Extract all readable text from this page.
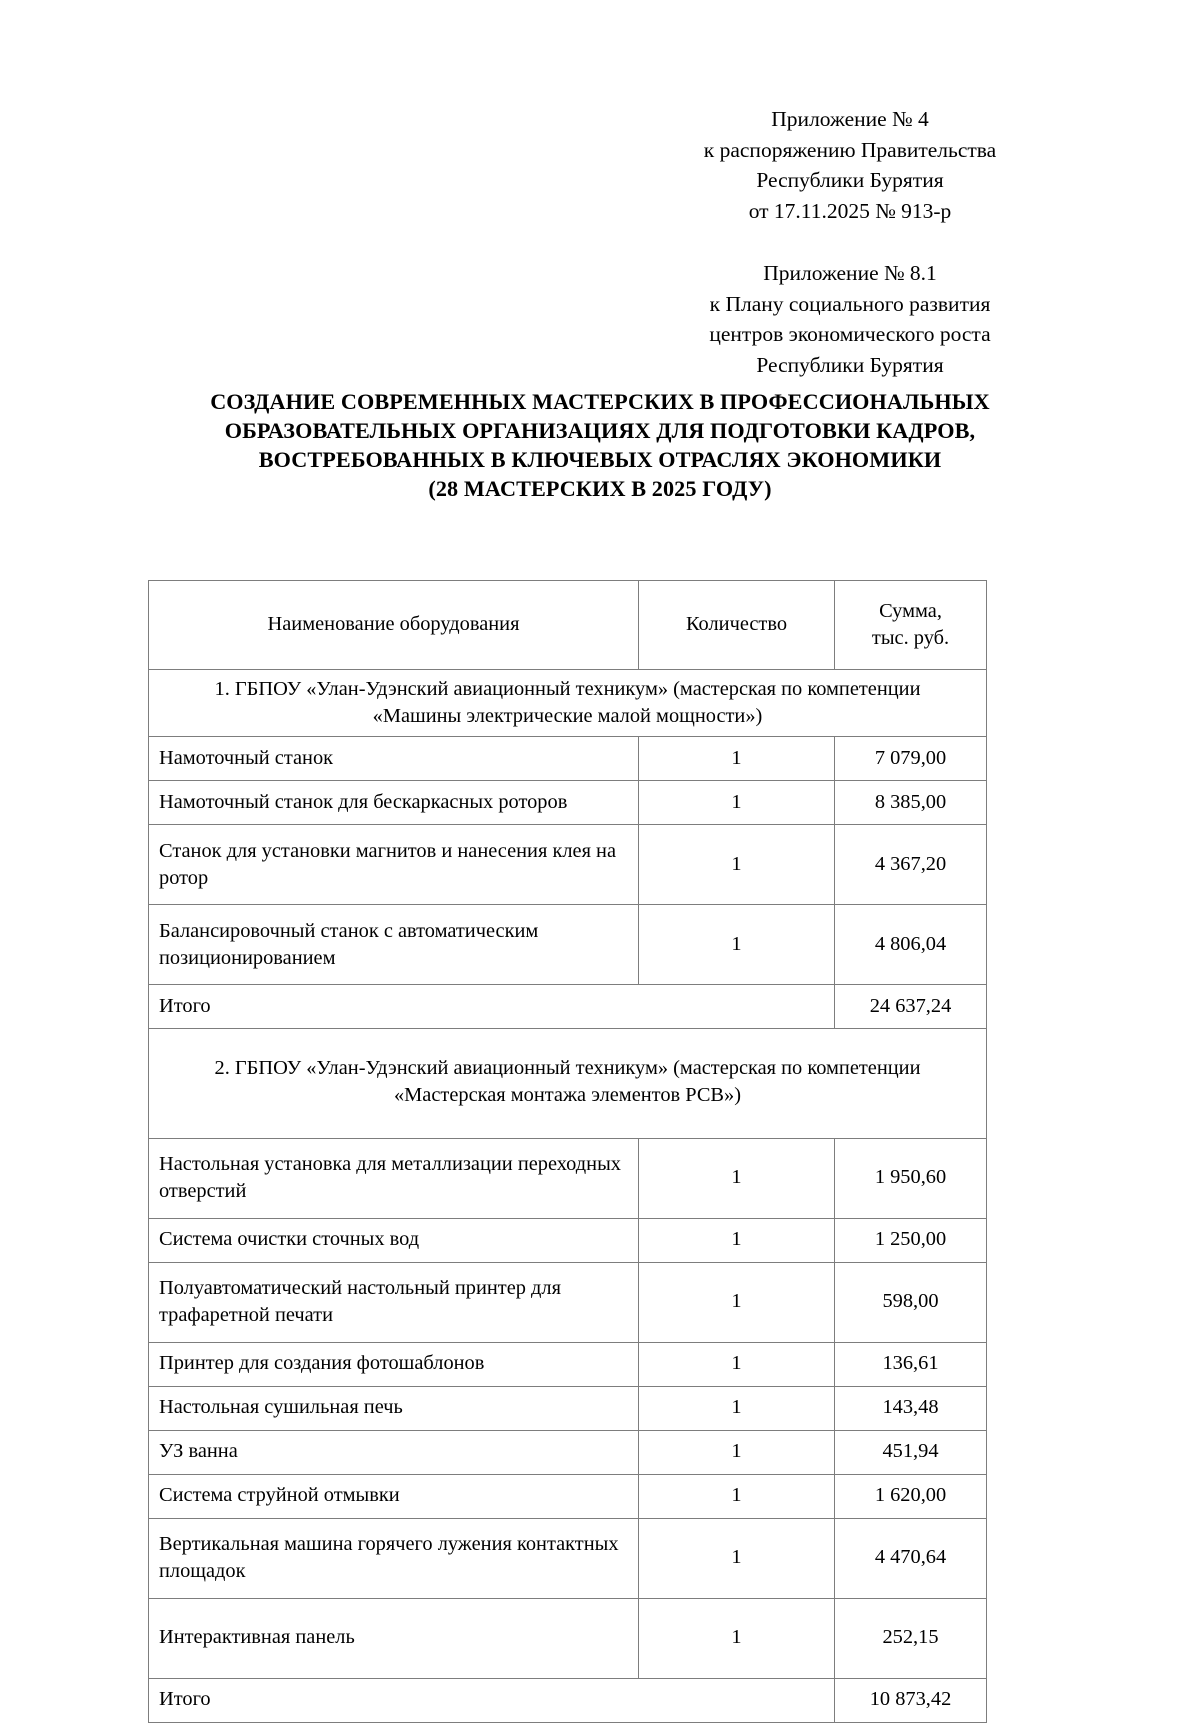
Приложение № 4
к распоряжению Правительства
Республики Бурятия
от 17.11.2025 № 913-р
Приложение № 8.1
к Плану социального развития
центров экономического роста
Республики Бурятия
СОЗДАНИЕ СОВРЕМЕННЫХ МАСТЕРСКИХ В ПРОФЕССИОНАЛЬНЫХ
ОБРАЗОВАТЕЛЬНЫХ ОРГАНИЗАЦИЯХ ДЛЯ ПОДГОТОВКИ КАДРОВ,
ВОСТРЕБОВАННЫХ В КЛЮЧЕВЫХ ОТРАСЛЯХ ЭКОНОМИКИ
(28 МАСТЕРСКИХ В 2025 ГОДУ)
Наименование оборудования	Количество	Сумма,
тыс. руб.

1. ГБПОУ «Улан-Удэнский авиационный техникум» (мастерская по компетенции
«Машины электрические малой мощности»)		

Намоточный станок	1	7 079,00
Намоточный станок для бескаркасных роторов	1	8 385,00
Станок для установки магнитов и нанесения клея на ротор	1	4 367,20
Балансировочный станок с автоматическим позиционированием	1	4 806,04
Итого		24 637,24

2. ГБПОУ «Улан-Удэнский авиационный техникум» (мастерская по компетенции
«Мастерская монтажа элементов РСВ»)		

Настольная установка для металлизации переходных отверстий	1	1 950,60
Система очистки сточных вод	1	1 250,00
Полуавтоматический настольный принтер для трафаретной печати	1	598,00
Принтер для создания фотошаблонов	1	136,61
Настольная сушильная печь	1	143,48
УЗ ванна	1	451,94
Система струйной отмывки	1	1 620,00
Вертикальная машина горячего лужения контактных площадок	1	4 470,64
Интерактивная панель	1	252,15
Итого		10 873,42
